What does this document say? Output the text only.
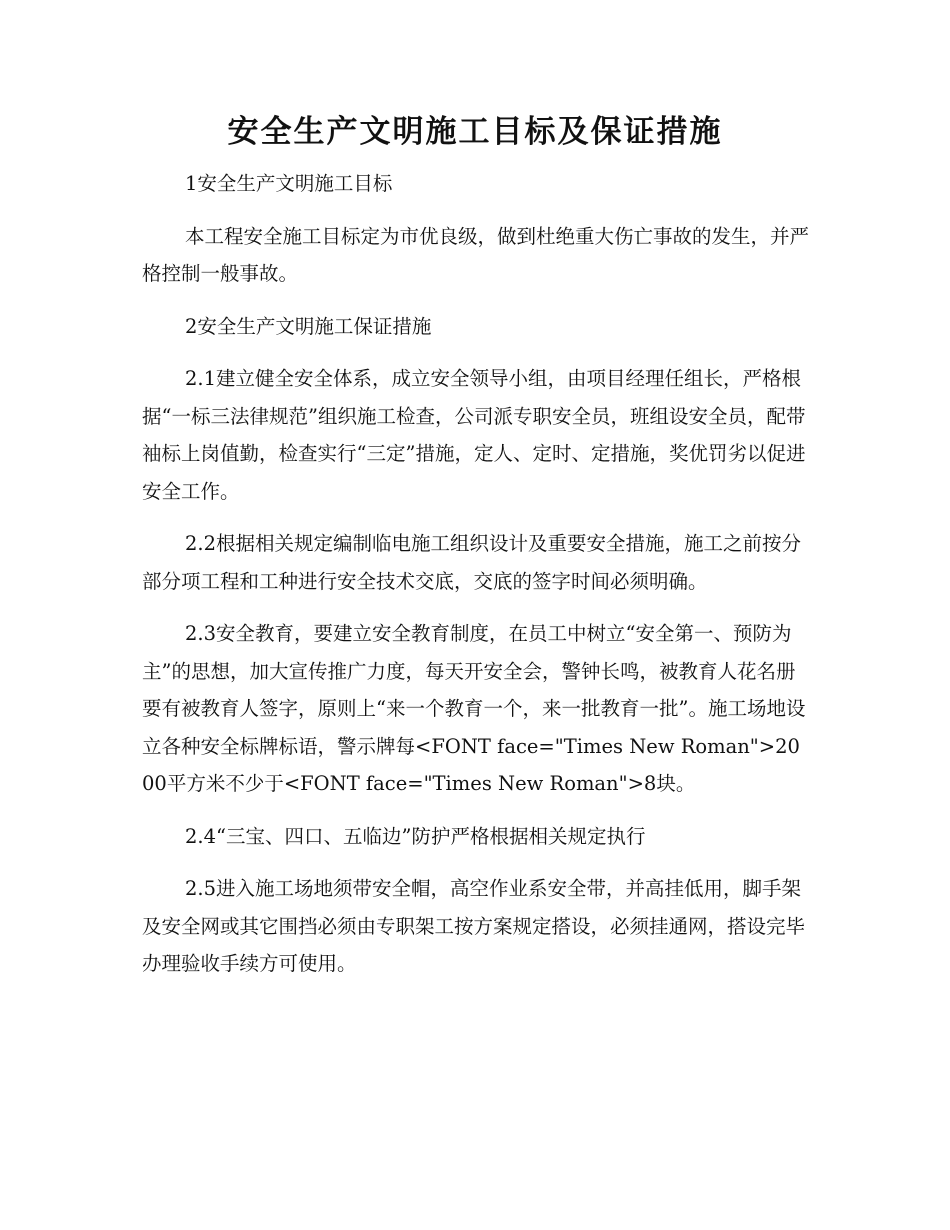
安全生产文明施工目标及保证措施

1安全生产文明施工目标

本工程安全施工目标定为市优良级，做到杜绝重大伤亡事故的发生，并严格控制一般事故。

2安全生产文明施工保证措施

2.1建立健全安全体系，成立安全领导小组，由项目经理任组长，严格根据“一标三法律规范”组织施工检查，公司派专职安全员，班组设安全员，配带袖标上岗值勤，检查实行“三定”措施，定人、定时、定措施，奖优罚劣以促进安全工作。

2.2根据相关规定编制临电施工组织设计及重要安全措施，施工之前按分部分项工程和工种进行安全技术交底，交底的签字时间必须明确。

2.3安全教育，要建立安全教育制度，在员工中树立“安全第一、预防为主”的思想，加大宣传推广力度，每天开安全会，警钟长鸣，被教育人花名册要有被教育人签字，原则上“来一个教育一个，来一批教育一批”。施工场地设立各种安全标牌标语，警示牌每<FONT face="Times New Roman">2000平方米不少于<FONT face="Times New Roman">8块。

2.4“三宝、四口、五临边”防护严格根据相关规定执行

2.5进入施工场地须带安全帽，高空作业系安全带，并高挂低用，脚手架及安全网或其它围挡必须由专职架工按方案规定搭设，必须挂通网，搭设完毕办理验收手续方可使用。
